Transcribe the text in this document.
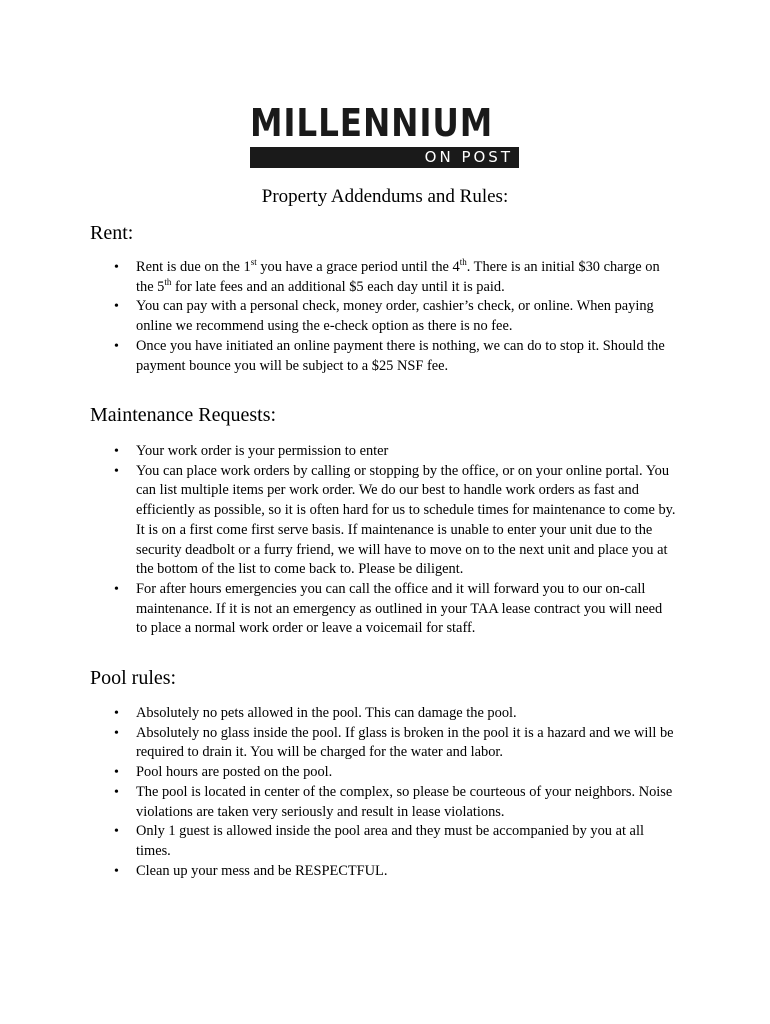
MILLENNIUM
ON POST
Property Addendums and Rules:
Rent:
• Rent is due on the 1st you have a grace period until the 4th. There is an initial $30 charge on the 5th for late fees and an additional $5 each day until it is paid.
• You can pay with a personal check, money order, cashier’s check, or online. When paying online we recommend using the e-check option as there is no fee.
• Once you have initiated an online payment there is nothing, we can do to stop it. Should the payment bounce you will be subject to a $25 NSF fee.
Maintenance Requests:
• Your work order is your permission to enter
• You can place work orders by calling or stopping by the office, or on your online portal. You can list multiple items per work order. We do our best to handle work orders as fast and efficiently as possible, so it is often hard for us to schedule times for maintenance to come by. It is on a first come first serve basis. If maintenance is unable to enter your unit due to the security deadbolt or a furry friend, we will have to move on to the next unit and place you at the bottom of the list to come back to. Please be diligent.
• For after hours emergencies you can call the office and it will forward you to our on-call maintenance. If it is not an emergency as outlined in your TAA lease contract you will need to place a normal work order or leave a voicemail for staff.
Pool rules:
• Absolutely no pets allowed in the pool. This can damage the pool.
• Absolutely no glass inside the pool. If glass is broken in the pool it is a hazard and we will be required to drain it. You will be charged for the water and labor.
• Pool hours are posted on the pool.
• The pool is located in center of the complex, so please be courteous of your neighbors. Noise violations are taken very seriously and result in lease violations.
• Only 1 guest is allowed inside the pool area and they must be accompanied by you at all times.
• Clean up your mess and be RESPECTFUL.
